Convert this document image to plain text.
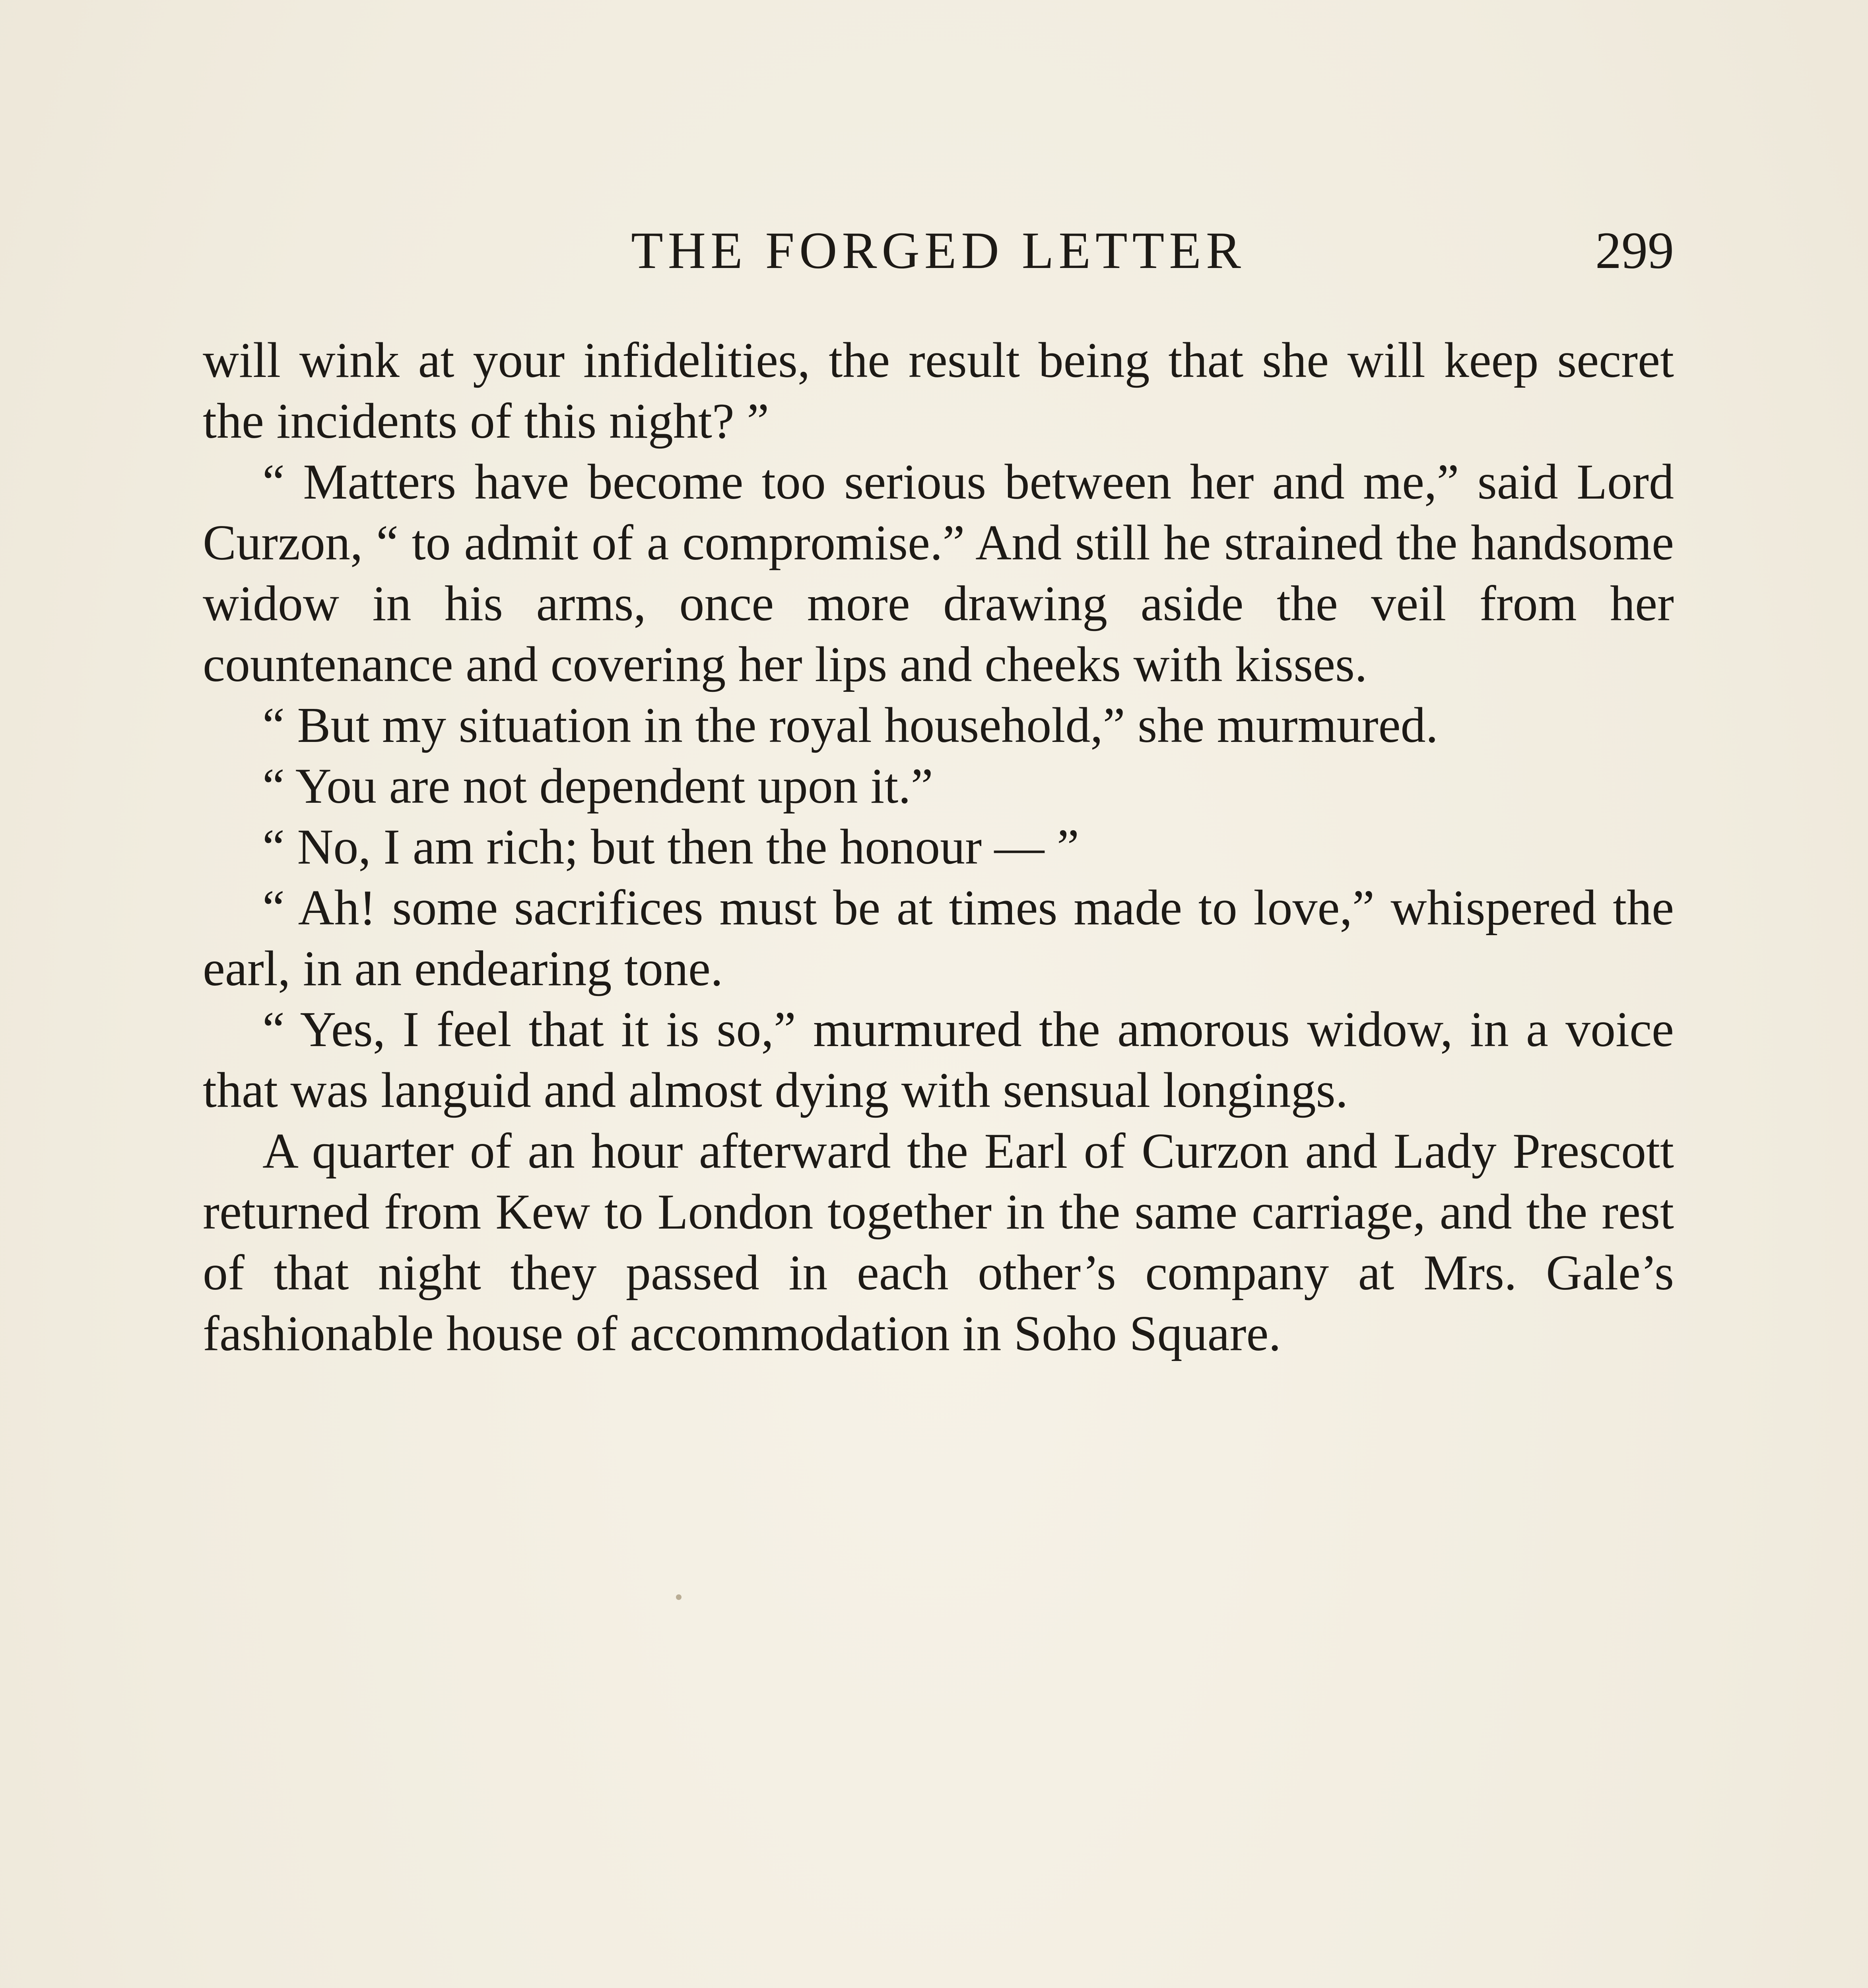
THE FORGED LETTER	299

will wink at your infidelities, the result being that she will keep secret the incidents of this night? ”

“ Matters have become too serious between her and me,” said Lord Curzon, “ to admit of a compromise.” And still he strained the handsome widow in his arms, once more drawing aside the veil from her countenance and covering her lips and cheeks with kisses.

“ But my situation in the royal household,” she murmured.

“ You are not dependent upon it.”

“ No, I am rich; but then the honour — ”

“ Ah! some sacrifices must be at times made to love,” whispered the earl, in an endearing tone.

“ Yes, I feel that it is so,” murmured the amorous widow, in a voice that was languid and almost dying with sensual longings.

A quarter of an hour afterward the Earl of Curzon and Lady Prescott returned from Kew to London together in the same carriage, and the rest of that night they passed in each other’s company at Mrs. Gale’s fashionable house of accommodation in Soho Square.
